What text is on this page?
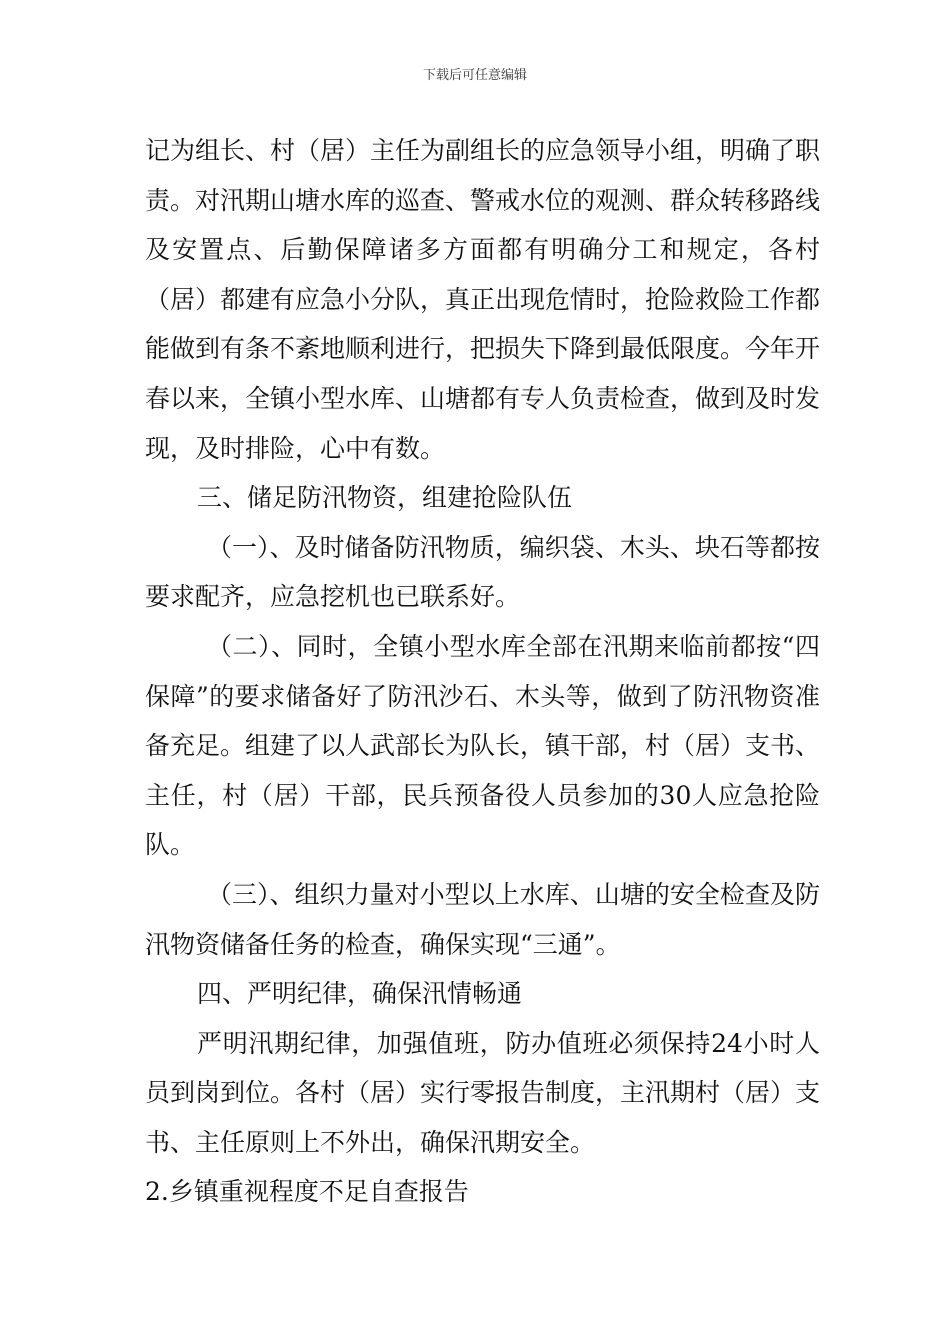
下载后可任意编辑

记为组长、村（居）主任为副组长的应急领导小组，明确了职责。对汛期山塘水库的巡查、警戒水位的观测、群众转移路线及安置点、后勤保障诸多方面都有明确分工和规定，各村（居）都建有应急小分队，真正出现危情时，抢险救险工作都能做到有条不紊地顺利进行，把损失下降到最低限度。今年开春以来，全镇小型水库、山塘都有专人负责检查，做到及时发现，及时排险，心中有数。

三、储足防汛物资，组建抢险队伍

（一）、及时储备防汛物质，编织袋、木头、块石等都按要求配齐，应急挖机也已联系好。

（二）、同时，全镇小型水库全部在汛期来临前都按“四保障”的要求储备好了防汛沙石、木头等，做到了防汛物资准备充足。组建了以人武部长为队长，镇干部，村（居）支书、主任，村（居）干部，民兵预备役人员参加的30人应急抢险队。

（三）、组织力量对小型以上水库、山塘的安全检查及防汛物资储备任务的检查，确保实现“三通”。

四、严明纪律，确保汛情畅通

严明汛期纪律，加强值班，防办值班必须保持24小时人员到岗到位。各村（居）实行零报告制度，主汛期村（居）支书、主任原则上不外出，确保汛期安全。

2.乡镇重视程度不足自查报告
